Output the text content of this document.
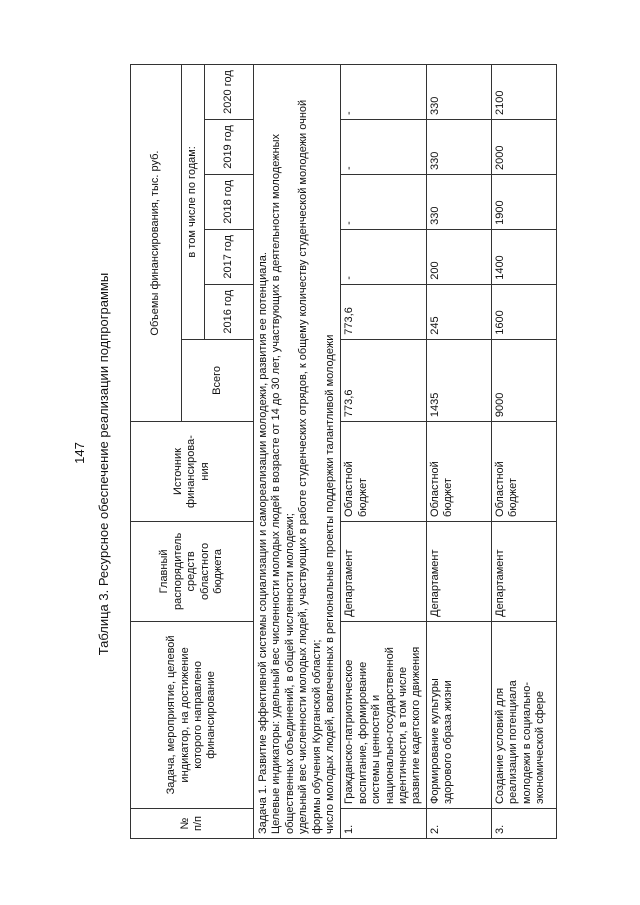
147 Таблица 3. Ресурсное обеспечение реализации подпрограммы
№ п/п	Задача, мероприятие, целевой индикатор, на достижение которого направлено финансирование	Главный распорядитель средств областного бюджета	Источник финансирова- ния	Объемы финансирования, тыс. руб.					
				Всего	в том числе по годам:				
					2016 год	2017 год	2018 год	2019 год	2020 год

Задача 1. Развитие эффективной системы социализации и самореализации молодежи, развития ее потенциала. Целевые индикаторы: удельный вес численности молодых людей в возрасте от 14 до 30 лет, участвующих в деятельности молодежных общественных объединений, в общей численности молодежи; удельный вес численности молодых людей, участвующих в работе студенческих отрядов, к общему количеству студенческой молодежи очной формы обучения Курганской области; число молодых людей, вовлеченных в региональные проекты поддержки талантливой молодежи									

1.	Гражданско-патриотическое воспитание, формирование системы ценностей и национально-государственной идентичности, в том числе развитие кадетского движения	Департамент	Областной бюджет	773,6	773,6	-	-	-	-
2.	Формирование культуры здорового образа жизни	Департамент	Областной бюджет	1435	245	200	330	330	330
3.	Создание условий для реализации потенциала молодежи в социально-экономической сфере	Департамент	Областной бюджет	9000	1600	1400	1900	2000	2100
